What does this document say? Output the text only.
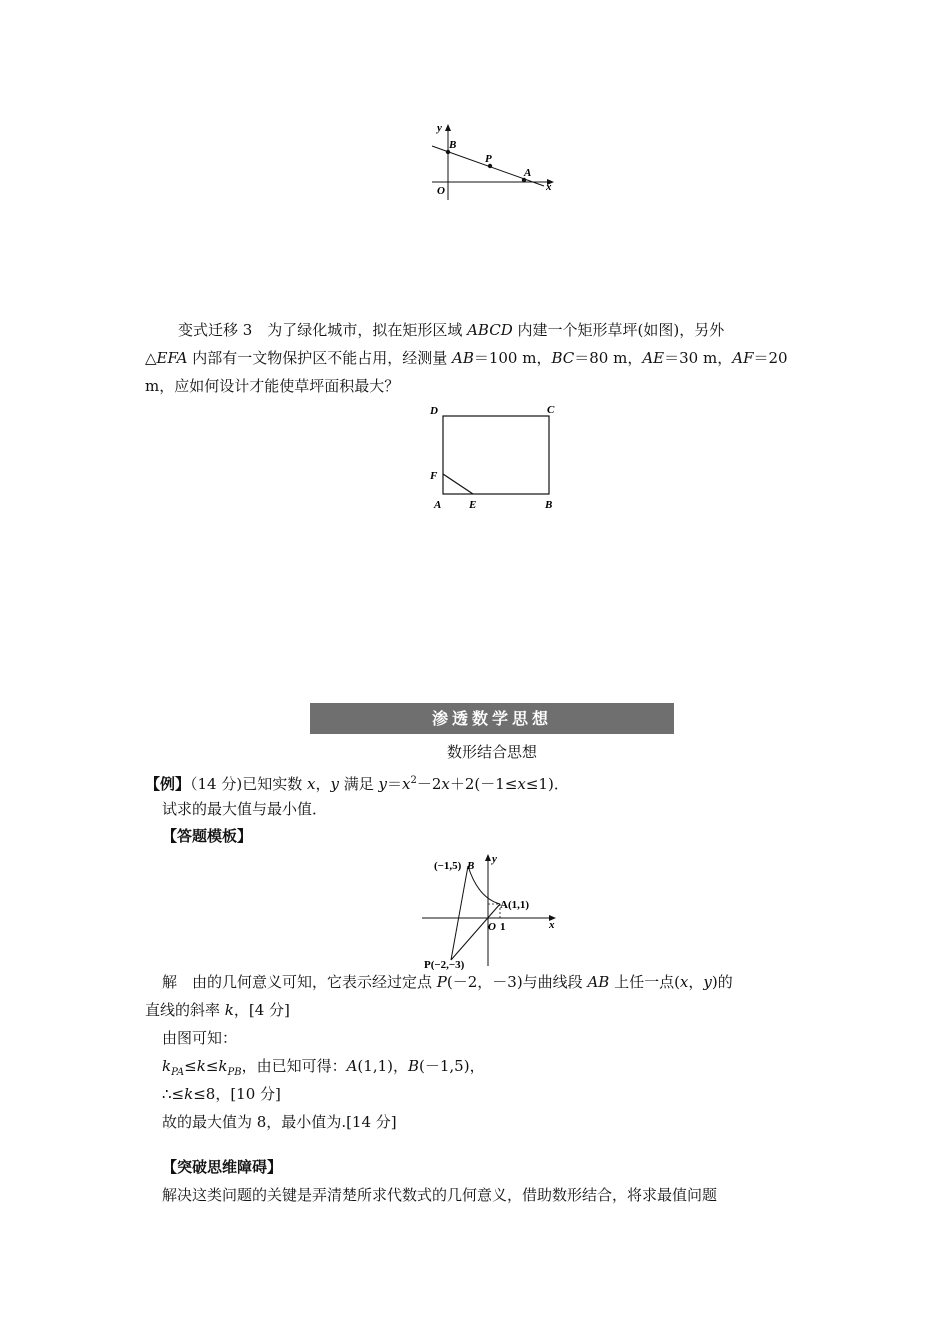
y
B
P
A
x
O
变式迁移 3　为了绿化城市，拟在矩形区域 ABCD 内建一个矩形草坪(如图)，另外
△EFA 内部有一文物保护区不能占用，经测量 AB＝100 m，BC＝80 m，AE＝30 m，AF＝20
m，应如何设计才能使草坪面积最大？
D	C
F
A	E	B
渗透数学思想
数形结合思想
【例】（14 分)已知实数 x，y 满足 $y=x^2-2x+2(-1\le x\le 1)$．
试求的最大值与最小值．
【答题模板】
(−1,5) B
y
A(1,1)
O 1	x
P(−2,−3)
解　由的几何意义可知，它表示经过定点 P(－2，－3)与曲线段 AB 上任一点(x，y)的
直线的斜率 k，[4 分]
由图可知：
$k_{PA}\le k\le k_{PB}$，由已知可得：A(1,1)，B(－1,5)，
∴≤k≤8，[10 分]
故的最大值为 8，最小值为.[14 分]
【突破思维障碍】
解决这类问题的关键是弄清楚所求代数式的几何意义，借助数形结合，将求最值问题
